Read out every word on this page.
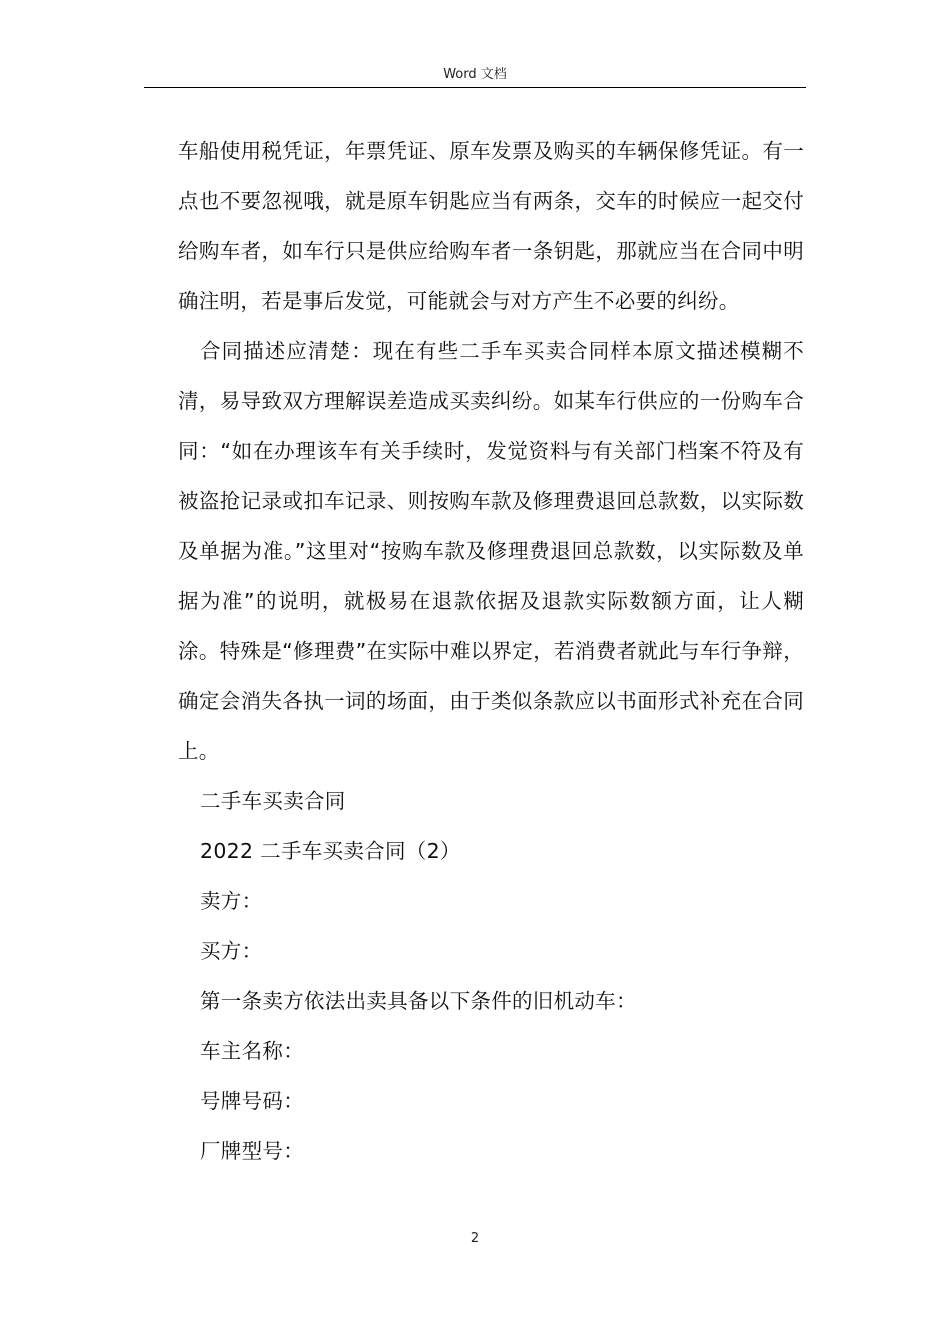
Word 文档

车船使用税凭证，年票凭证、原车发票及购买的车辆保修凭证。有一点也不要忽视哦，就是原车钥匙应当有两条，交车的时候应一起交付给购车者，如车行只是供应给购车者一条钥匙，那就应当在合同中明确注明，若是事后发觉，可能就会与对方产生不必要的纠纷。

合同描述应清楚：现在有些二手车买卖合同样本原文描述模糊不清，易导致双方理解误差造成买卖纠纷。如某车行供应的一份购车合同：“如在办理该车有关手续时，发觉资料与有关部门档案不符及有被盗抢记录或扣车记录、则按购车款及修理费退回总款数，以实际数及单据为准。”这里对“按购车款及修理费退回总款数，以实际数及单据为准”的说明，就极易在退款依据及退款实际数额方面，让人糊涂。特殊是“修理费”在实际中难以界定，若消费者就此与车行争辩，确定会消失各执一词的场面，由于类似条款应以书面形式补充在合同上。

二手车买卖合同

2022 二手车买卖合同（2）

卖方：

买方：

第一条卖方依法出卖具备以下条件的旧机动车：

车主名称：

号牌号码：

厂牌型号：

2
